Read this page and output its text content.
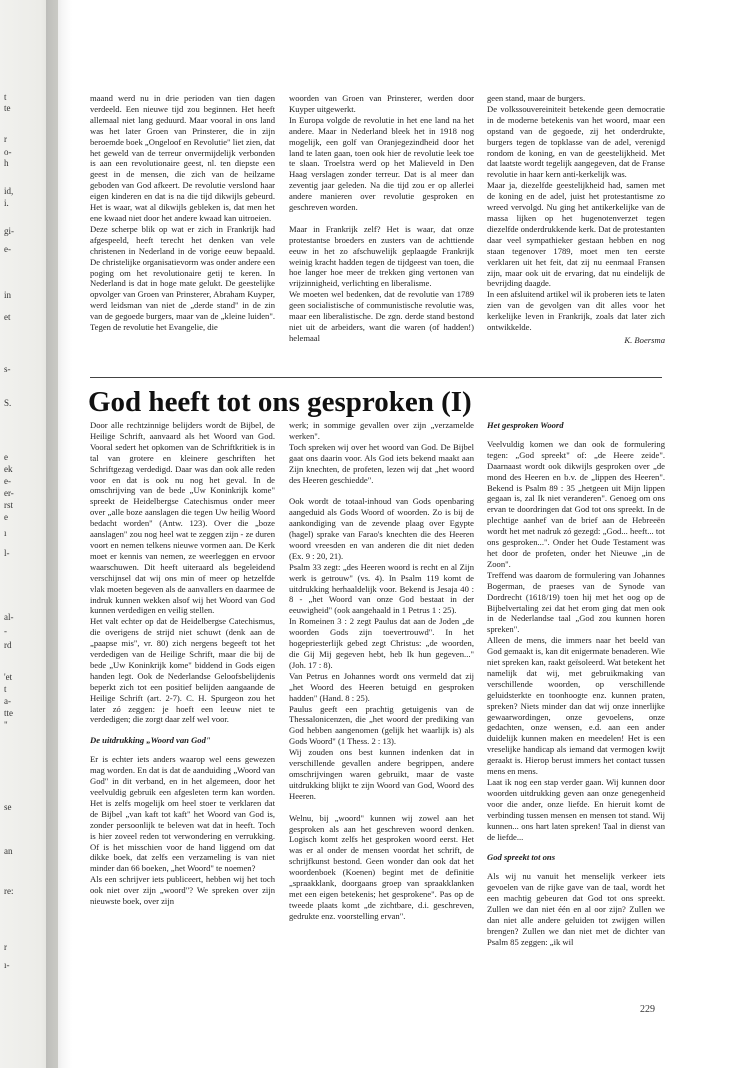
t
te
r
o-
h
id,
i.
gi-
e-
in
et
s-
S.
e
ek
e-
er-
rst
e
ı
l-
al-
-
rd
'et
t
a-
tte
"
se
an
re:
r
ı-

maand werd nu in drie perioden van tien dagen verdeeld. Een nieuwe tijd zou beginnen. Het heeft allemaal niet lang geduurd. Maar vooral in ons land was het later Groen van Prinsterer, die in zijn beroemde boek „Ongeloof en Revolutie" liet zien, dat het geweld van de terreur onvermijdelijk verbonden is aan een revolutionaire geest, nl. ten diepste een geest in de mensen, die zich van de heilzame geboden van God afkeert. De revolutie verslond haar eigen kinderen en dat is na die tijd dikwijls gebeurd. Het is waar, wat al dikwijls gebleken is, dat men het ene kwaad niet door het andere kwaad kan uitroeien.

Deze scherpe blik op wat er zich in Frankrijk had afgespeeld, heeft terecht het denken van vele christenen in Nederland in de vorige eeuw bepaald. De christelijke organisatievorm was onder andere een poging om het revolutionaire getij te keren. In Nederland is dat in hoge mate gelukt. De geestelijke opvolger van Groen van Prinsterer, Abraham Kuyper, werd leidsman van niet de „derde stand" in de zin van de gegoede burgers, maar van de „kleine luiden". Tegen de revolutie het Evangelie, die

woorden van Groen van Prinsterer, werden door Kuyper uitgewerkt.

In Europa volgde de revolutie in het ene land na het andere. Maar in Nederland bleek het in 1918 nog mogelijk, een golf van Oranjegezindheid door het land te laten gaan, toen ook hier de revolutie leek toe te slaan. Troelstra werd op het Malieveld in Den Haag verslagen zonder terreur. Dat is al meer dan zeventig jaar geleden. Na die tijd zou er op allerlei andere manieren over revolutie gesproken en geschreven worden.

Maar in Frankrijk zelf? Het is waar, dat onze protestantse broeders en zusters van de achttiende eeuw in het zo afschuwelijk geplaagde Frankrijk weinig kracht hadden tegen de tijdgeest van toen, die hoe langer hoe meer de trekken ging vertonen van vrijzinnigheid, verlichting en liberalisme.

We moeten wel bedenken, dat de revolutie van 1789 geen socialistische of communistische revolutie was, maar een liberalistische. De zgn. derde stand bestond niet uit de arbeiders, want die waren (of hadden!) helemaal

geen stand, maar de burgers.

De volkssouvereiniteit betekende geen democratie in de moderne betekenis van het woord, maar een opstand van de gegoede, zij het onderdrukte, burgers tegen de topklasse van de adel, verenigd rondom de koning, en van de geestelijkheid. Met dat laatste wordt tegelijk aangegeven, dat de Franse revolutie in haar kern anti-kerkelijk was.

Maar ja, diezelfde geestelijkheid had, samen met de koning en de adel, juist het protestantisme zo wreed vervolgd. Nu ging het antikerkelijke van de massa lijken op het hugenotenverzet tegen diezelfde onderdrukkende kerk. Dat de protestanten daar veel sympathieker gestaan hebben en nog staan tegenover 1789, moet men ten eerste verklaren uit het feit, dat zij nu eenmaal Fransen zijn, maar ook uit de ervaring, dat nu eindelijk de bevrijding daagde.

In een afsluitend artikel wil ik proberen iets te laten zien van de gevolgen van dit alles voor het kerkelijke leven in Frankrijk, zoals dat later zich ontwikkelde.

K. Boersma
God heeft tot ons gesproken (I)

Door alle rechtzinnige belijders wordt de Bijbel, de Heilige Schrift, aanvaard als het Woord van God. Vooral sedert het opkomen van de Schriftkritiek is in tal van grotere en kleinere geschriften het Schriftgezag verdedigd. Daar was dan ook alle reden voor en dat is ook nu nog het geval. In de omschrijving van de bede „Uw Koninkrijk kome" spreekt de Heidelbergse Catechismus onder meer over „alle boze aanslagen die tegen Uw heilig Woord bedacht worden" (Antw. 123). Over die „boze aanslagen" zou nog heel wat te zeggen zijn - ze duren voort en nemen telkens nieuwe vormen aan. De Kerk moet er kennis van nemen, ze weerleggen en ervoor waarschuwen. Dit heeft uiteraard als begeleidend verschijnsel dat wij ons min of meer op hetzelfde vlak moeten begeven als de aanvallers en daarmee de indruk kunnen wekken alsof wij het Woord van God kunnen verdedigen en veilig stellen.

Het valt echter op dat de Heidelbergse Catechismus, die overigens de strijd niet schuwt (denk aan de „paapse mis", vr. 80) zich nergens begeeft tot het verdedigen van de Heilige Schrift, maar die bij de bede „Uw Koninkrijk kome" biddend in Gods eigen handen legt. Ook de Nederlandse Geloofsbelijdenis beperkt zich tot een positief belijden aangaande de Heilige Schrift (art. 2-7). C. H. Spurgeon zou het later zó zeggen: je hoeft een leeuw niet te verdedigen; die zorgt daar zelf wel voor.

De uitdrukking „Woord van God"

Er is echter iets anders waarop wel eens gewezen mag worden. En dat is dat de aanduiding „Woord van God" in dit verband, en in het algemeen, door het veelvuldig gebruik een afgesleten term kan worden. Het is zelfs mogelijk om heel stoer te verklaren dat de Bijbel „van kaft tot kaft" het Woord van God is, zonder persoonlijk te beleven wat dat in heeft. Toch is hier zoveel reden tot verwondering en verrukking. Of is het misschien voor de hand liggend om dat dikke boek, dat zelfs een verzameling is van niet minder dan 66 boeken, „het Woord" te noemen?

Als een schrijver iets publiceert, hebben wij het toch ook niet over zijn „woord"? We spreken over zijn nieuwste boek, over zijn

werk; in sommige gevallen over zijn „verzamelde werken".

Toch spreken wij over het woord van God. De Bijbel gaat ons daarin voor. Als God iets bekend maakt aan Zijn knechten, de profeten, lezen wij dat „het woord des Heeren geschiedde".

Ook wordt de totaal-inhoud van Gods openbaring aangeduid als Gods Woord of woorden. Zo is bij de aankondiging van de zevende plaag over Egypte (hagel) sprake van Farao's knechten die des Heeren woord vreesden en van anderen die dit niet deden (Ex. 9 : 20, 21).

Psalm 33 zegt: „des Heeren woord is recht en al Zijn werk is getrouw" (vs. 4). In Psalm 119 komt de uitdrukking herhaaldelijk voor. Bekend is Jesaja 40 : 8 - „het Woord van onze God bestaat in der eeuwigheid" (ook aangehaald in 1 Petrus 1 : 25).

In Romeinen 3 : 2 zegt Paulus dat aan de Joden „de woorden Gods zijn toevertrouwd". In het hogepriesterlijk gebed zegt Christus: „de woorden, die Gij Mij gegeven hebt, heb Ik hun gegeven..." (Joh. 17 : 8).

Van Petrus en Johannes wordt ons vermeld dat zij „het Woord des Heeren betuigd en gesproken hadden" (Hand. 8 : 25).

Paulus geeft een prachtig getuigenis van de Thessalonicenzen, die „het woord der prediking van God hebben aangenomen (gelijk het waarlijk is) als Gods Woord" (1 Thess. 2 : 13).

Wij zouden ons best kunnen indenken dat in verschillende gevallen andere begrippen, andere omschrijvingen waren gebruikt, maar de vaste uitdrukking blijkt te zijn Woord van God, Woord des Heeren.

Welnu, bij „woord" kunnen wij zowel aan het gesproken als aan het geschreven woord denken. Logisch komt zelfs het gesproken woord eerst. Het was er al onder de mensen voordat het schrift, de schrijfkunst bestond. Geen wonder dan ook dat het woordenboek (Koenen) begint met de definitie „spraakklank, doorgaans groep van spraakklanken met een eigen betekenis; het gesprokene". Pas op de tweede plaats komt „de zichtbare, d.i. geschreven, gedrukte enz. voorstelling ervan".

Het gesproken Woord

Veelvuldig komen we dan ook de formulering tegen: „God spreekt" of: „de Heere zeide". Daarnaast wordt ook dikwijls gesproken over „de mond des Heeren en b.v. de „lippen des Heeren". Bekend is Psalm 89 : 35 „hetgeen uit Mijn lippen gegaan is, zal Ik niet veranderen". Genoeg om ons ervan te doordringen dat God tot ons spreekt. In de plechtige aanhef van de brief aan de Hebreeën wordt het met nadruk zó gezegd: „God... heeft... tot ons gesproken...". Onder het Oude Testament was het door de profeten, onder het Nieuwe „in de Zoon".

Treffend was daarom de formulering van Johannes Bogerman, de praeses van de Synode van Dordrecht (1618/19) toen hij met het oog op de Bijbelvertaling zei dat het erom ging dat men ook in de Nederlandse taal „God zou kunnen horen spreken".

Alleen de mens, die immers naar het beeld van God gemaakt is, kan dit enigermate benaderen. Wie niet spreken kan, raakt geïsoleerd. Wat betekent het namelijk dat wij, met gebruikmaking van verschillende woorden, op verschillende geluidsterkte en toonhoogte enz. kunnen praten, spreken? Niets minder dan dat wij onze innerlijke gewaarwordingen, onze gevoelens, onze gedachten, onze wensen, e.d. aan een ander duidelijk kunnen maken en meedelen! Het is een vreselijke handicap als iemand dat vermogen kwijt geraakt is. Hierop berust immers het contact tussen mens en mens.

Laat ik nog een stap verder gaan. Wij kunnen door woorden uitdrukking geven aan onze genegenheid voor die ander, onze liefde. En hieruit komt de verbinding tussen mensen en mensen tot stand. Wij kunnen... ons hart laten spreken! Taal in dienst van de liefde...

God spreekt tot ons

Als wij nu vanuit het menselijk verkeer iets gevoelen van de rijke gave van de taal, wordt het een machtig gebeuren dat God tot ons spreekt. Zullen we dan niet één en al oor zijn? Zullen we dan niet alle andere geluiden tot zwijgen willen brengen? Zullen we dan niet met de dichter van Psalm 85 zeggen: „ik wil

229
